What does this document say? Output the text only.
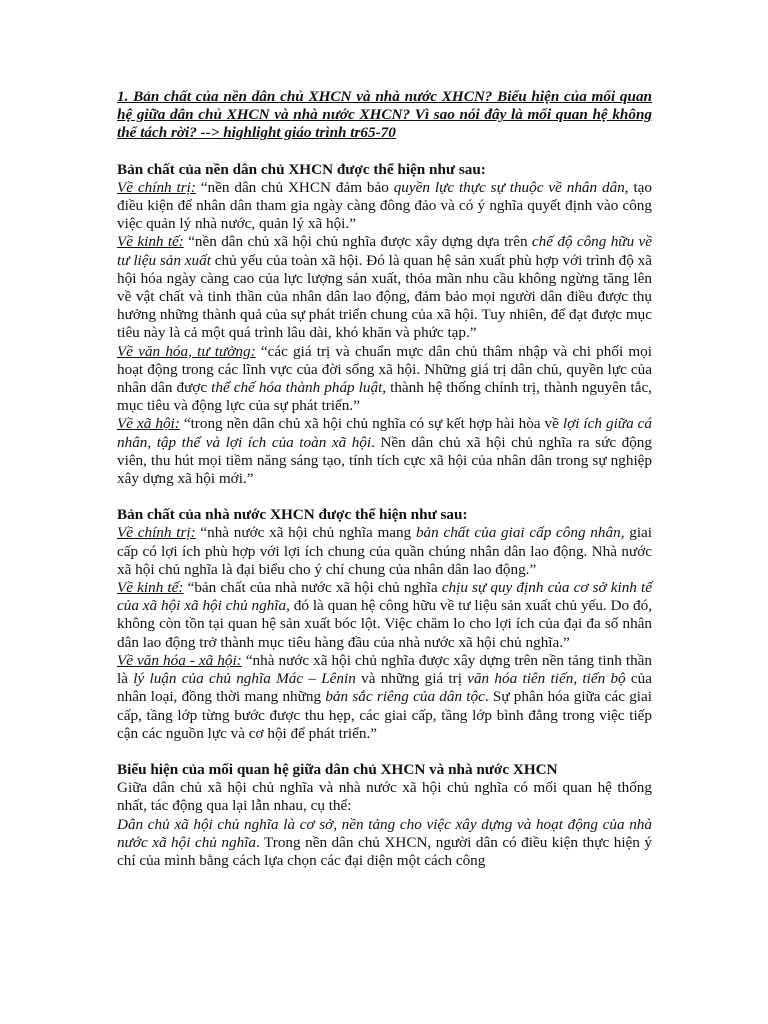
1. Bản chất của nền dân chủ XHCN và nhà nước XHCN? Biểu hiện của mối quan hệ giữa dân chủ XHCN và nhà nước XHCN? Vì sao nói đây là mối quan hệ không thể tách rời? --> highlight giáo trình tr65-70

Bản chất của nền dân chủ XHCN được thể hiện như sau:

Về chính trị: “nền dân chủ XHCN đảm bảo quyền lực thực sự thuộc về nhân dân, tạo điều kiện để nhân dân tham gia ngày càng đông đảo và có ý nghĩa quyết định vào công việc quản lý nhà nước, quản lý xã hội.”

Về kinh tế: “nền dân chủ xã hội chủ nghĩa được xây dựng dựa trên chế độ công hữu về tư liệu sản xuất chủ yếu của toàn xã hội. Đó là quan hệ sản xuất phù hợp với trình độ xã hội hóa ngày càng cao của lực lượng sản xuất, thỏa mãn nhu cầu không ngừng tăng lên về vật chất và tinh thần của nhân dân lao động, đảm bảo mọi người dân điều được thụ hưởng những thành quả của sự phát triển chung của xã hội. Tuy nhiên, để đạt được mục tiêu này là cả một quá trình lâu dài, khó khăn và phức tạp.”

Về văn hóa, tư tưởng: “các giá trị và chuẩn mực dân chủ thâm nhập và chi phối mọi hoạt động trong các lĩnh vực của đời sống xã hội. Những giá trị dân chủ, quyền lực của nhân dân được thể chế hóa thành pháp luật, thành hệ thống chính trị, thành nguyên tắc, mục tiêu và động lực của sự phát triển.”

Về xã hội: “trong nền dân chủ xã hội chủ nghĩa có sự kết hợp hài hòa về lợi ích giữa cá nhân, tập thể và lợi ích của toàn xã hội. Nền dân chủ xã hội chủ nghĩa ra sức động viên, thu hút mọi tiềm năng sáng tạo, tính tích cực xã hội của nhân dân trong sự nghiệp xây dựng xã hội mới.”

Bản chất của nhà nước XHCN được thể hiện như sau:

Về chính trị: “nhà nước xã hội chủ nghĩa mang bản chất của giai cấp công nhân, giai cấp có lợi ích phù hợp với lợi ích chung của quần chúng nhân dân lao động. Nhà nước xã hội chủ nghĩa là đại biểu cho ý chí chung của nhân dân lao động.”

Về kinh tế: “bản chất của nhà nước xã hội chủ nghĩa chịu sự quy định của cơ sở kinh tế của xã hội xã hội chủ nghĩa, đó là quan hệ công hữu về tư liệu sản xuất chủ yếu. Do đó, không còn tồn tại quan hệ sản xuất bóc lột. Việc chăm lo cho lợi ích của đại đa số nhân dân lao động trở thành mục tiêu hàng đầu của nhà nước xã hội chủ nghĩa.”

Về văn hóa - xã hội: “nhà nước xã hội chủ nghĩa được xây dựng trên nền tảng tinh thần là lý luận của chủ nghĩa Mác – Lênin và những giá trị văn hóa tiên tiến, tiến bộ của nhân loại, đồng thời mang những bản sắc riêng của dân tộc. Sự phân hóa giữa các giai cấp, tầng lớp từng bước được thu hẹp, các giai cấp, tầng lớp bình đẳng trong việc tiếp cận các nguồn lực và cơ hội để phát triển.”

Biểu hiện của mối quan hệ giữa dân chủ XHCN và nhà nước XHCN

Giữa dân chủ xã hội chủ nghĩa và nhà nước xã hội chủ nghĩa có mối quan hệ thống nhất, tác động qua lại lẫn nhau, cụ thể:

Dân chủ xã hội chủ nghĩa là cơ sở, nền tảng cho việc xây dựng và hoạt động của nhà nước xã hội chủ nghĩa. Trong nền dân chủ XHCN, người dân có điều kiện thực hiện ý chí của mình bằng cách lựa chọn các đại diện một cách công
